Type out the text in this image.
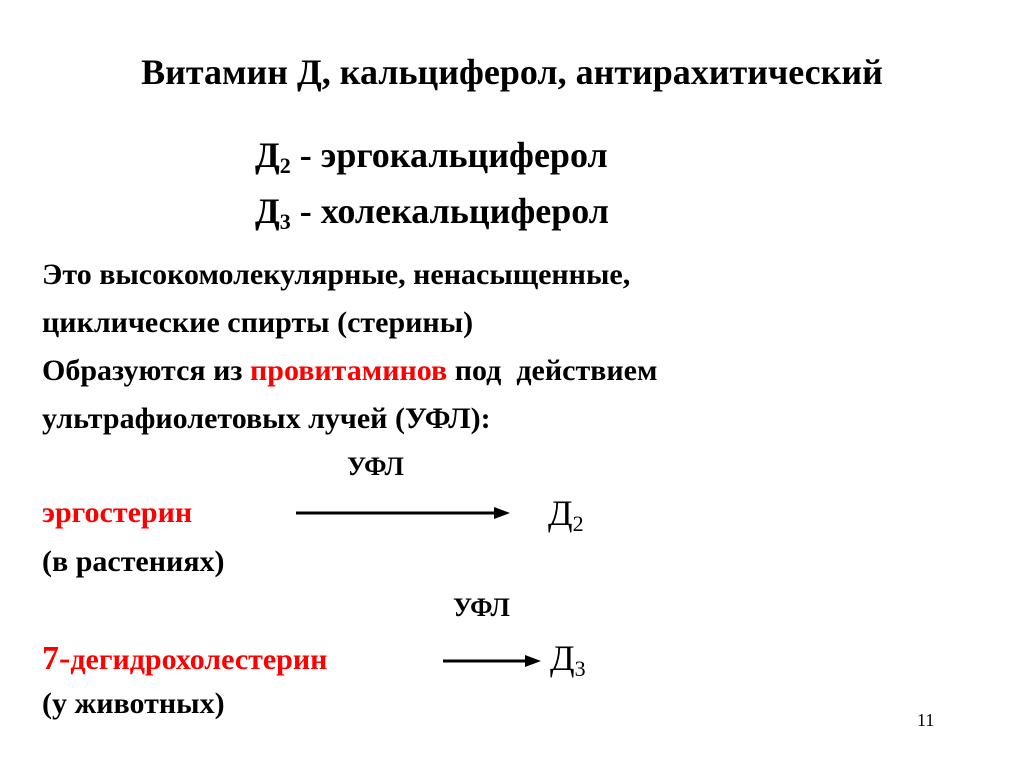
Витамин Д, кальциферол, антирахитический
$Д_2$ - эргокальциферол
$Д_3$ - холекальциферол
Это высокомолекулярные, ненасыщенные,
циклические спирты (стерины)
Образуются из провитаминов под  действием
ультрафиолетовых лучей (УФЛ):
УФЛ
эргостерин	$Д_2$
(в растениях)
УФЛ
7-дегидрохолестерин	$Д_3$
(у животных)	11
